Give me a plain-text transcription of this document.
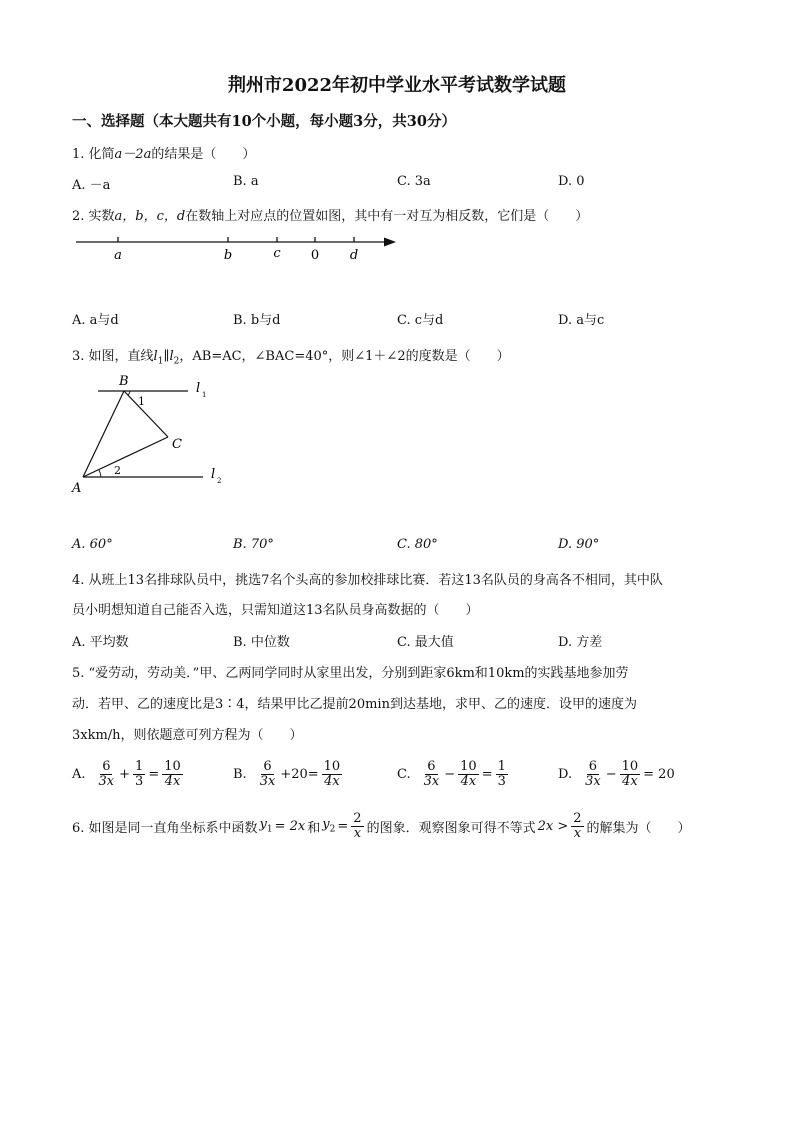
荆州市2022年初中学业水平考试数学试题
一、选择题（本大题共有10个小题，每小题3分，共30分）
1. 化简a－2a的结果是（　　）
A. －a	B. a	C. 3a	D. 0
2. 实数a，b，c，d在数轴上对应点的位置如图，其中有一对互为相反数，它们是（　　）
a	b	c 0 d
A. a与d	B. b与d	C. c与d	D. a与c
3. 如图，直线$l_1\parallel l_2$，AB=AC，∠BAC=40°，则∠1＋∠2的度数是（　　）
B
C
A
1
2
l 1
l 2
A. 60°	B. 70°	C. 80°	D. 90°
4. 从班上13名排球队员中，挑选7名个头高的参加校排球比赛．若这13名队员的身高各不相同，其中队
员小明想知道自己能否入选，只需知道这13名队员身高数据的（　　）
A. 平均数	B. 中位数	C. 最大值	D. 方差
5. “爱劳动，劳动美．”甲、乙两同学同时从家里出发，分别到距家6km和10km的实践基地参加劳
动．若甲、乙的速度比是3∶4，结果甲比乙提前20min到达基地，求甲、乙的速度．设甲的速度为
3xkm/h，则依题意可列方程为（　　）
A. $\frac{6}{3x} + \frac{1}{3} = \frac{10}{4x}$	B. $\frac{6}{3x} +20= \frac{10}{4x}$	C. $\frac{6}{3x} - \frac{10}{4x} = \frac{1}{3}$	D. $\frac{6}{3x} - \frac{10}{4x} = 20$
6. 如图是同一直角坐标系中函数 $y_1 = 2x$ 和 $y_2 = \frac{2}{x}$ 的图象．观察图象可得不等式 $2x > \frac{2}{x}$ 的解集为（　　）
